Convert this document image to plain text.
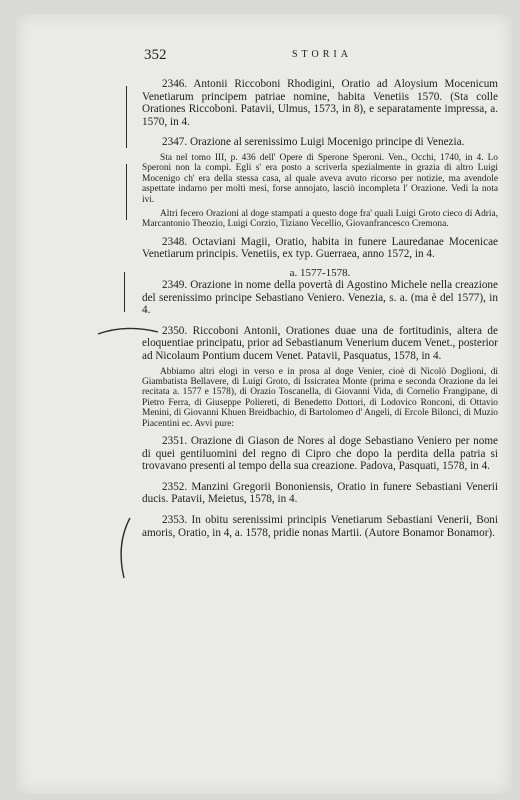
352	STORIA

2346. Antonii Riccoboni Rhodigini, Oratio ad Aloysium Mocenicum Venetiarum principem patriae nomine, habita Venetiis 1570. (Sta colle Orationes Riccoboni. Patavii, Ulmus, 1573, in 8), e separatamente impressa, a. 1570, in 4.

2347. Orazione al serenissimo Luigi Mocenigo principe di Venezia.

Sta nel tomo III, p. 436 dell' Opere di Sperone Speroni. Ven., Occhi, 1740, in 4. Lo Speroni non la compì. Egli s' era posto a scriverla spezialmente in grazia di altro Luigi Mocenigo ch' era della stessa casa, al quale aveva avuto ricorso per notizie, ma avendole aspettate indarno per molti mesi, forse annojato, lasciò incompleta l' Orazione. Vedi la nota ivi.

Altri fecero Orazioni al doge stampati a questo doge fra' quali Luigi Groto cieco di Adria, Marcantonio Theozio, Luigi Corzio, Tiziano Vecellio, Giovanfrancesco Cremona.

2348. Octaviani Magii, Oratio, habita in funere Lauredanae Mocenicae Venetiarum principis. Venetiis, ex typ. Guerraea, anno 1572, in 4.

a. 1577-1578.

2349. Orazione in nome della povertà di Agostino Michele nella creazione del serenissimo principe Sebastiano Veniero. Venezia, s. a. (ma è del 1577), in 4.

2350. Riccoboni Antonii, Orationes duae una de fortitudinis, altera de eloquentiae principatu, prior ad Sebastianum Venerium ducem Venet., posterior ad Nicolaum Pontium ducem Venet. Patavii, Pasquatus, 1578, in 4.

Abbiamo altri elogi in verso e in prosa al doge Venier, cioè di Nicolò Doglioni, di Giambatista Bellavere, di Luigi Groto, di Issicratea Monte (prima e seconda Orazione da lei recitata a. 1577 e 1578), di Orazio Toscanella, di Giovanni Vida, di Cornelio Frangipane, di Pietro Ferra, di Giuseppe Poliereti, di Benedetto Dottori, di Lodovico Ronconi, di Ottavio Menini, di Giovanni Khuen Breidbachio, di Bartolomeo d' Angeli, di Ercole Bilonci, di Muzio Piacentini ec. Avvi pure:

2351. Orazione di Giason de Nores al doge Sebastiano Veniero per nome di quei gentiluomini del regno di Cipro che dopo la perdita della patria si trovavano presenti al tempo della sua creazione. Padova, Pasquati, 1578, in 4.

2352. Manzini Gregorii Bononiensis, Oratio in funere Sebastiani Venerii ducis. Patavii, Meietus, 1578, in 4.

2353. In obitu serenissimi principis Venetiarum Sebastiani Venerii, Boni amoris, Oratio, in 4, a. 1578, pridie nonas Martii. (Autore Bonamor Bonamor).
